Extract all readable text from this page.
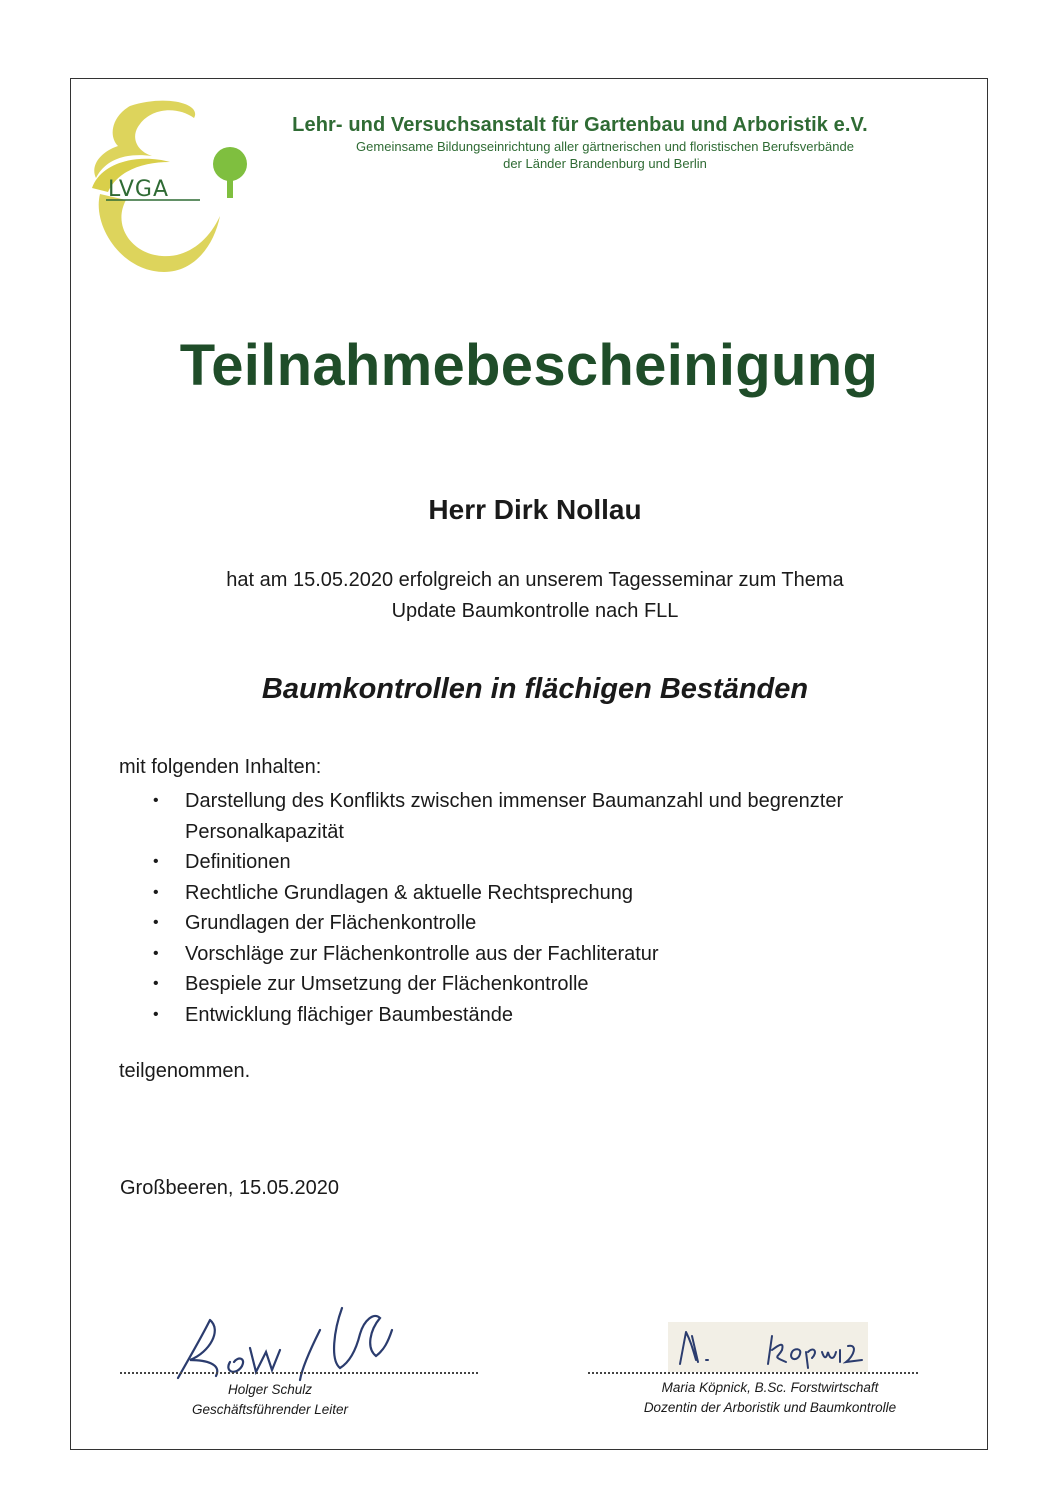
LVGA
Lehr- und Versuchsanstalt für Gartenbau und Arboristik e.V.
Gemeinsame Bildungseinrichtung aller gärtnerischen und floristischen Berufsverbände
der Länder Brandenburg und Berlin
Teilnahmebescheinigung
Herr Dirk Nollau
hat am 15.05.2020 erfolgreich an unserem Tagesseminar zum Thema
Update Baumkontrolle nach FLL
Baumkontrollen in flächigen Beständen
mit folgenden Inhalten:
• Darstellung des Konflikts zwischen immenser Baumanzahl und begrenzter Personalkapazität
• Definitionen
• Rechtliche Grundlagen & aktuelle Rechtsprechung
• Grundlagen der Flächenkontrolle
• Vorschläge zur Flächenkontrolle aus der Fachliteratur
• Bespiele zur Umsetzung der Flächenkontrolle
• Entwicklung flächiger Baumbestände
teilgenommen.
Großbeeren, 15.05.2020
Holger Schulz
Geschäftsführender Leiter
Maria Köpnick, B.Sc. Forstwirtschaft
Dozentin der Arboristik und Baumkontrolle
